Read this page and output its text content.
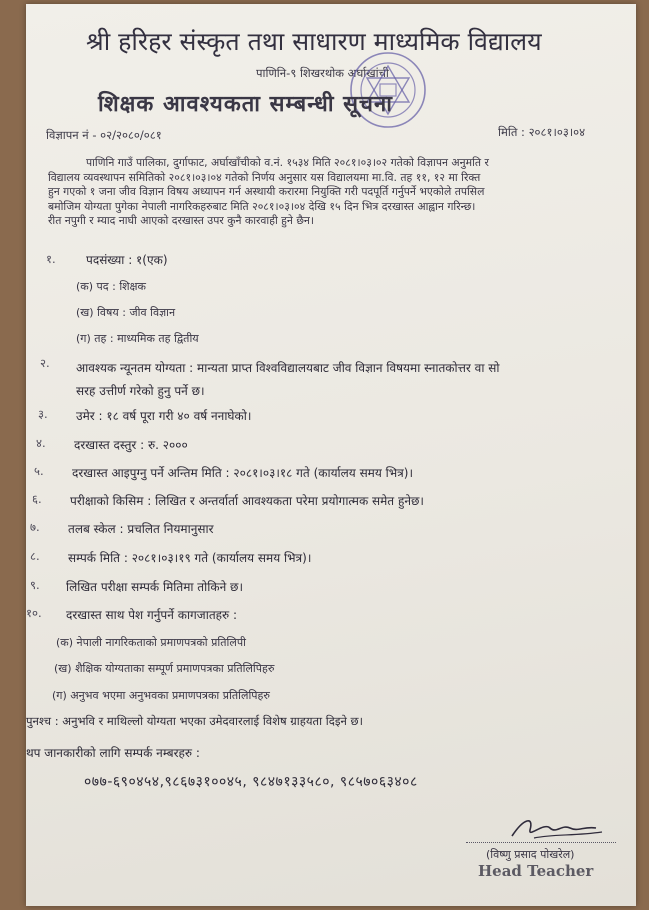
श्री हरिहर संस्कृत तथा साधारण माध्यमिक विद्यालय
पाणिनि-९ शिखरथोक अर्घाखांची
शिक्षक आवश्यकता सम्बन्धी सूचना
विज्ञापन नं - ०२/२०८०/०८१	मिति : २०८१।०३।०४
पाणिनि गाउँ पालिका, दुर्गाफाट, अर्घाखाँचीको व.नं. १५३४ मिति २०८१।०३।०२ गतेको विज्ञापन अनुमति र
विद्यालय व्यवस्थापन समितिको २०८१।०३।०४ गतेको निर्णय अनुसार यस विद्यालयमा मा.वि. तह ११, १२ मा रिक्त
हुन गएको १ जना जीव विज्ञान विषय अध्यापन गर्न अस्थायी करारमा नियुक्ति गरी पदपूर्ति गर्नुपर्ने भएकोले तपसिल
बमोजिम योग्यता पुगेका नेपाली नागरिकहरुबाट मिति २०८१।०३।०४ देखि १५ दिन भित्र दरखास्त आह्वान गरिन्छ।
रीत नपुगी र म्याद नाघी आएको दरखास्त उपर कुनै कारवाही हुने छैन।
१.	पदसंख्या : १(एक)
(क) पद : शिक्षक
(ख) विषय : जीव विज्ञान
(ग) तह : माध्यमिक तह द्वितीय
२. आवश्यक न्यूनतम योग्यता : मान्यता प्राप्त विश्वविद्यालयबाट जीव विज्ञान विषयमा स्नातकोत्तर वा सो
सरह उत्तीर्ण गरेको हुनु पर्ने छ।
३. उमेर : १८ वर्ष पूरा गरी ४० वर्ष ननाघेको।
४. दरखास्त दस्तुर : रु. २०००
५. दरखास्त आइपुग्नु पर्ने अन्तिम मिति : २०८१।०३।१८ गते (कार्यालय समय भित्र)।
६. परीक्षाको किसिम : लिखित र अन्तर्वार्ता आवश्यकता परेमा प्रयोगात्मक समेत हुनेछ।
७. तलब स्केल : प्रचलित नियमानुसार
८. सम्पर्क मिति : २०८१।०३।१९ गते (कार्यालय समय भित्र)।
९. लिखित परीक्षा सम्पर्क मितिमा तोकिने छ।
१०. दरखास्त साथ पेश गर्नुपर्ने कागजातहरु :
(क) नेपाली नागरिकताको प्रमाणपत्रको प्रतिलिपी
(ख) शैक्षिक योग्यताका सम्पूर्ण प्रमाणपत्रका प्रतिलिपिहरु
(ग) अनुभव भएमा अनुभवका प्रमाणपत्रका प्रतिलिपिहरु
पुनश्च : अनुभवि र माथिल्लो योग्यता भएका उमेदवारलाई विशेष ग्राहयता दिइने छ।
थप जानकारीको लागि सम्पर्क नम्बरहरु :
०७७-६९०४५४,९८६७३१००४५, ९८४७१३३५८०, ९८५७०६३४०८
(विष्णु प्रसाद पोखरेल)
Head Teacher
